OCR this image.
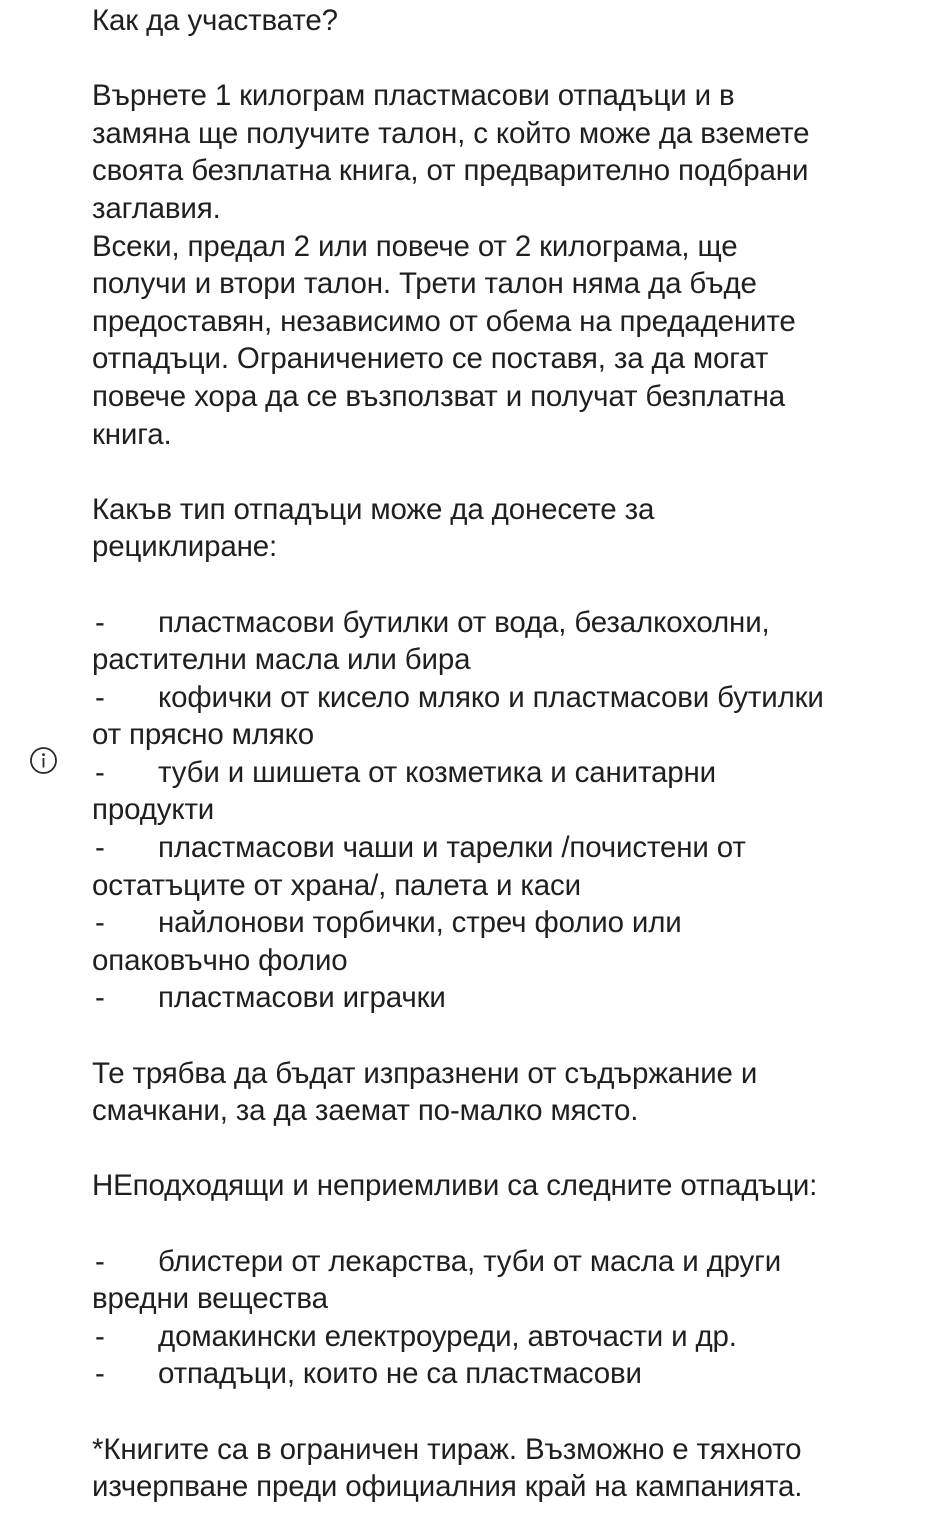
Как да участвате?
Върнете 1 килограм пластмасови отпадъци и в
замяна ще получите талон, с който може да вземете
своята безплатна книга, от предварително подбрани
заглавия.
Всеки, предал 2 или повече от 2 килограма, ще
получи и втори талон. Трети талон няма да бъде
предоставян, независимо от обема на предадените
отпадъци. Ограничението се поставя, за да могат
повече хора да се възползват и получат безплатна
книга.
Какъв тип отпадъци може да донесете за
рециклиране:
- пластмасови бутилки от вода, безалкохолни,
растителни масла или бира
- кофички от кисело мляко и пластмасови бутилки
от прясно мляко
- туби и шишета от козметика и санитарни
продукти
- пластмасови чаши и тарелки /почистени от
остатъците от храна/, палета и каси
- найлонови торбички, стреч фолио или
опаковъчно фолио
- пластмасови играчки
Те трябва да бъдат изпразнени от съдържание и
смачкани, за да заемат по-малко място.
НЕподходящи и неприемливи са следните отпадъци:
- блистери от лекарства, туби от масла и други
вредни вещества
- домакински електроуреди, авточасти и др.
- отпадъци, които не са пластмасови
*Книгите са в ограничен тираж. Възможно е тяхното
изчерпване преди официалния край на кампанията.
